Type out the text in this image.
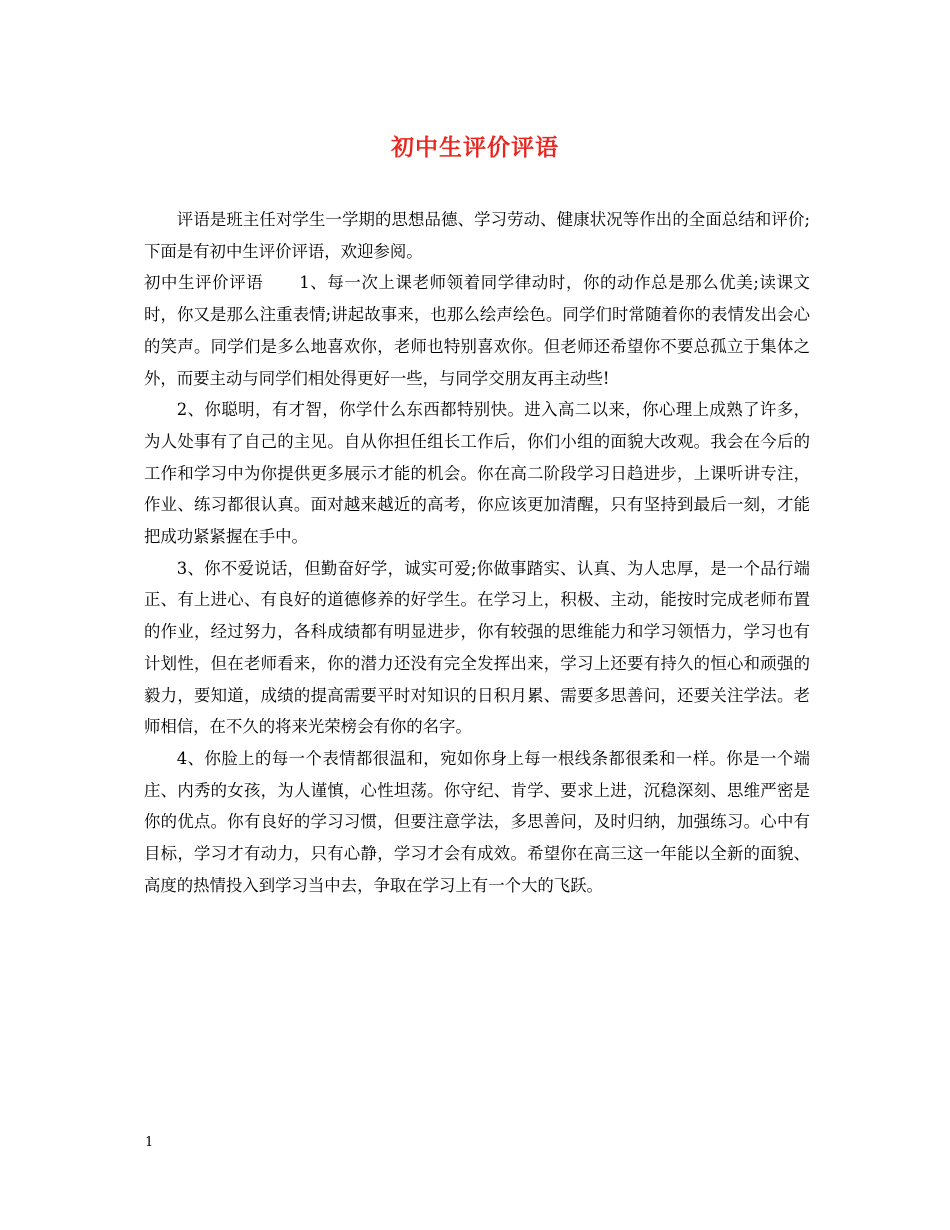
初中生评价评语

评语是班主任对学生一学期的思想品德、学习劳动、健康状况等作出的全面总结和评价;下面是有初中生评价评语，欢迎参阅。

初中生评价评语 1、每一次上课老师领着同学律动时，你的动作总是那么优美;读课文时，你又是那么注重表情;讲起故事来，也那么绘声绘色。同学们时常随着你的表情发出会心的笑声。同学们是多么地喜欢你，老师也特别喜欢你。但老师还希望你不要总孤立于集体之外，而要主动与同学们相处得更好一些，与同学交朋友再主动些!

2、你聪明，有才智，你学什么东西都特别快。进入高二以来，你心理上成熟了许多，为人处事有了自己的主见。自从你担任组长工作后，你们小组的面貌大改观。我会在今后的工作和学习中为你提供更多展示才能的机会。你在高二阶段学习日趋进步，上课听讲专注，作业、练习都很认真。面对越来越近的高考，你应该更加清醒，只有坚持到最后一刻，才能把成功紧紧握在手中。

3、你不爱说话，但勤奋好学，诚实可爱;你做事踏实、认真、为人忠厚，是一个品行端正、有上进心、有良好的道德修养的好学生。在学习上，积极、主动，能按时完成老师布置的作业，经过努力，各科成绩都有明显进步，你有较强的思维能力和学习领悟力，学习也有计划性，但在老师看来，你的潜力还没有完全发挥出来，学习上还要有持久的恒心和顽强的毅力，要知道，成绩的提高需要平时对知识的日积月累、需要多思善问，还要关注学法。老师相信，在不久的将来光荣榜会有你的名字。

4、你脸上的每一个表情都很温和，宛如你身上每一根线条都很柔和一样。你是一个端庄、内秀的女孩，为人谨慎，心性坦荡。你守纪、肯学、要求上进，沉稳深刻、思维严密是你的优点。你有良好的学习习惯，但要注意学法，多思善问，及时归纳，加强练习。心中有目标，学习才有动力，只有心静，学习才会有成效。希望你在高三这一年能以全新的面貌、高度的热情投入到学习当中去，争取在学习上有一个大的飞跃。

1
